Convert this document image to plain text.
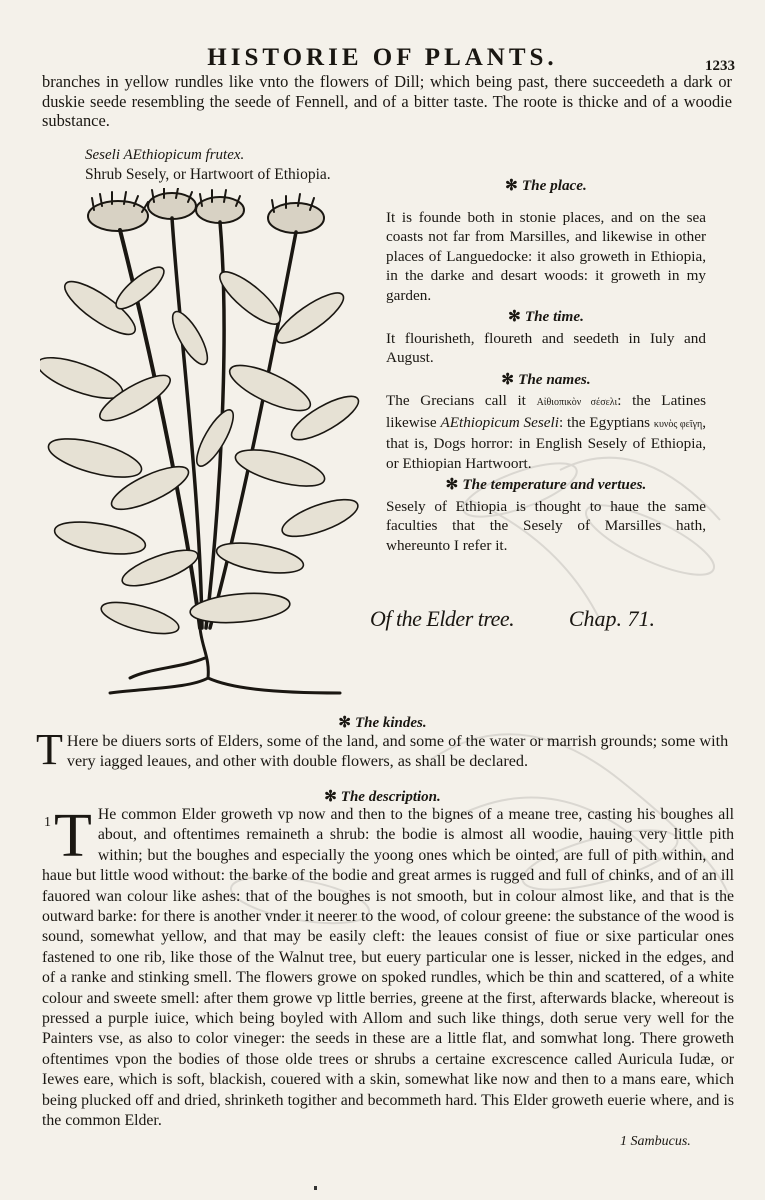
HISTORIE OF PLANTS.	1233
branches in yellow rundles like vnto the flowers of Dill; which being past, there succeedeth a dark or duskie seede resembling the seede of Fennell, and of a bitter taste. The roote is thicke and of a woodie substance.
Seseli AEthiopicum frutex.
Shrub Sesely, or Hartwoort of Ethiopia.
✻ The place.
It is founde both in stonie places, and on the sea coasts not far from Marsilles, and likewise in other places of Languedocke: it also groweth in Ethiopia, in the darke and desart woods: it groweth in my garden.
✻ The time.
It flourisheth, floureth and seedeth in Iuly and August.
✻ The names.
The Grecians call it Αἰθιοπικὸν σέσελι: the Latines likewise AEthiopicum Seseli: the Egyptians κυνὸς φεῖγη, that is, Dogs horror: in English Sesely of Ethiopia, or Ethiopian Hartwoort.
✻ The temperature and vertues.
Sesely of Ethiopia is thought to haue the same faculties that the Sesely of Marsilles hath, whereunto I refer it.
Of the Elder tree. Chap. 71.
✻ The kindes.
T Here be diuers sorts of Elders, some of the land, and some of the water or marrish grounds; some with very iagged leaues, and other with double flowers, as shall be declared.
✻ The description.
1 T He common Elder groweth vp now and then to the bignes of a meane tree, casting his boughes all about, and oftentimes remaineth a shrub: the bodie is almost all woodie, hauing very little pith within; but the boughes and especially the yoong ones which be ointed, are full of pith within, and haue but little wood without: the barke of the bodie and great armes is rugged and full of chinks, and of an ill fauored wan colour like ashes: that of the boughes is not smooth, but in colour almost like, and that is the outward barke: for there is another vnder it neerer to the wood, of colour greene: the substance of the wood is sound, somewhat yellow, and that may be easily cleft: the leaues consist of fiue or sixe particular ones fastened to one rib, like those of the Walnut tree, but euery particular one is lesser, nicked in the edges, and of a ranke and stinking smell. The flowers growe on spoked rundles, which be thin and scattered, of a white colour and sweete smell: after them growe vp little berries, greene at the first, afterwards blacke, whereout is pressed a purple iuice, which being boyled with Allom and such like things, doth serue very well for the Painters vse, as also to color vineger: the seeds in these are a little flat, and somwhat long. There groweth oftentimes vpon the bodies of those olde trees or shrubs a certaine excrescence called Auricula Iudæ, or Iewes eare, which is soft, blackish, couered with a skin, somewhat like now and then to a mans eare, which being plucked off and dried, shrinketh togither and becommeth hard. This Elder groweth euerie where, and is the common Elder.
1 Sambucus.
